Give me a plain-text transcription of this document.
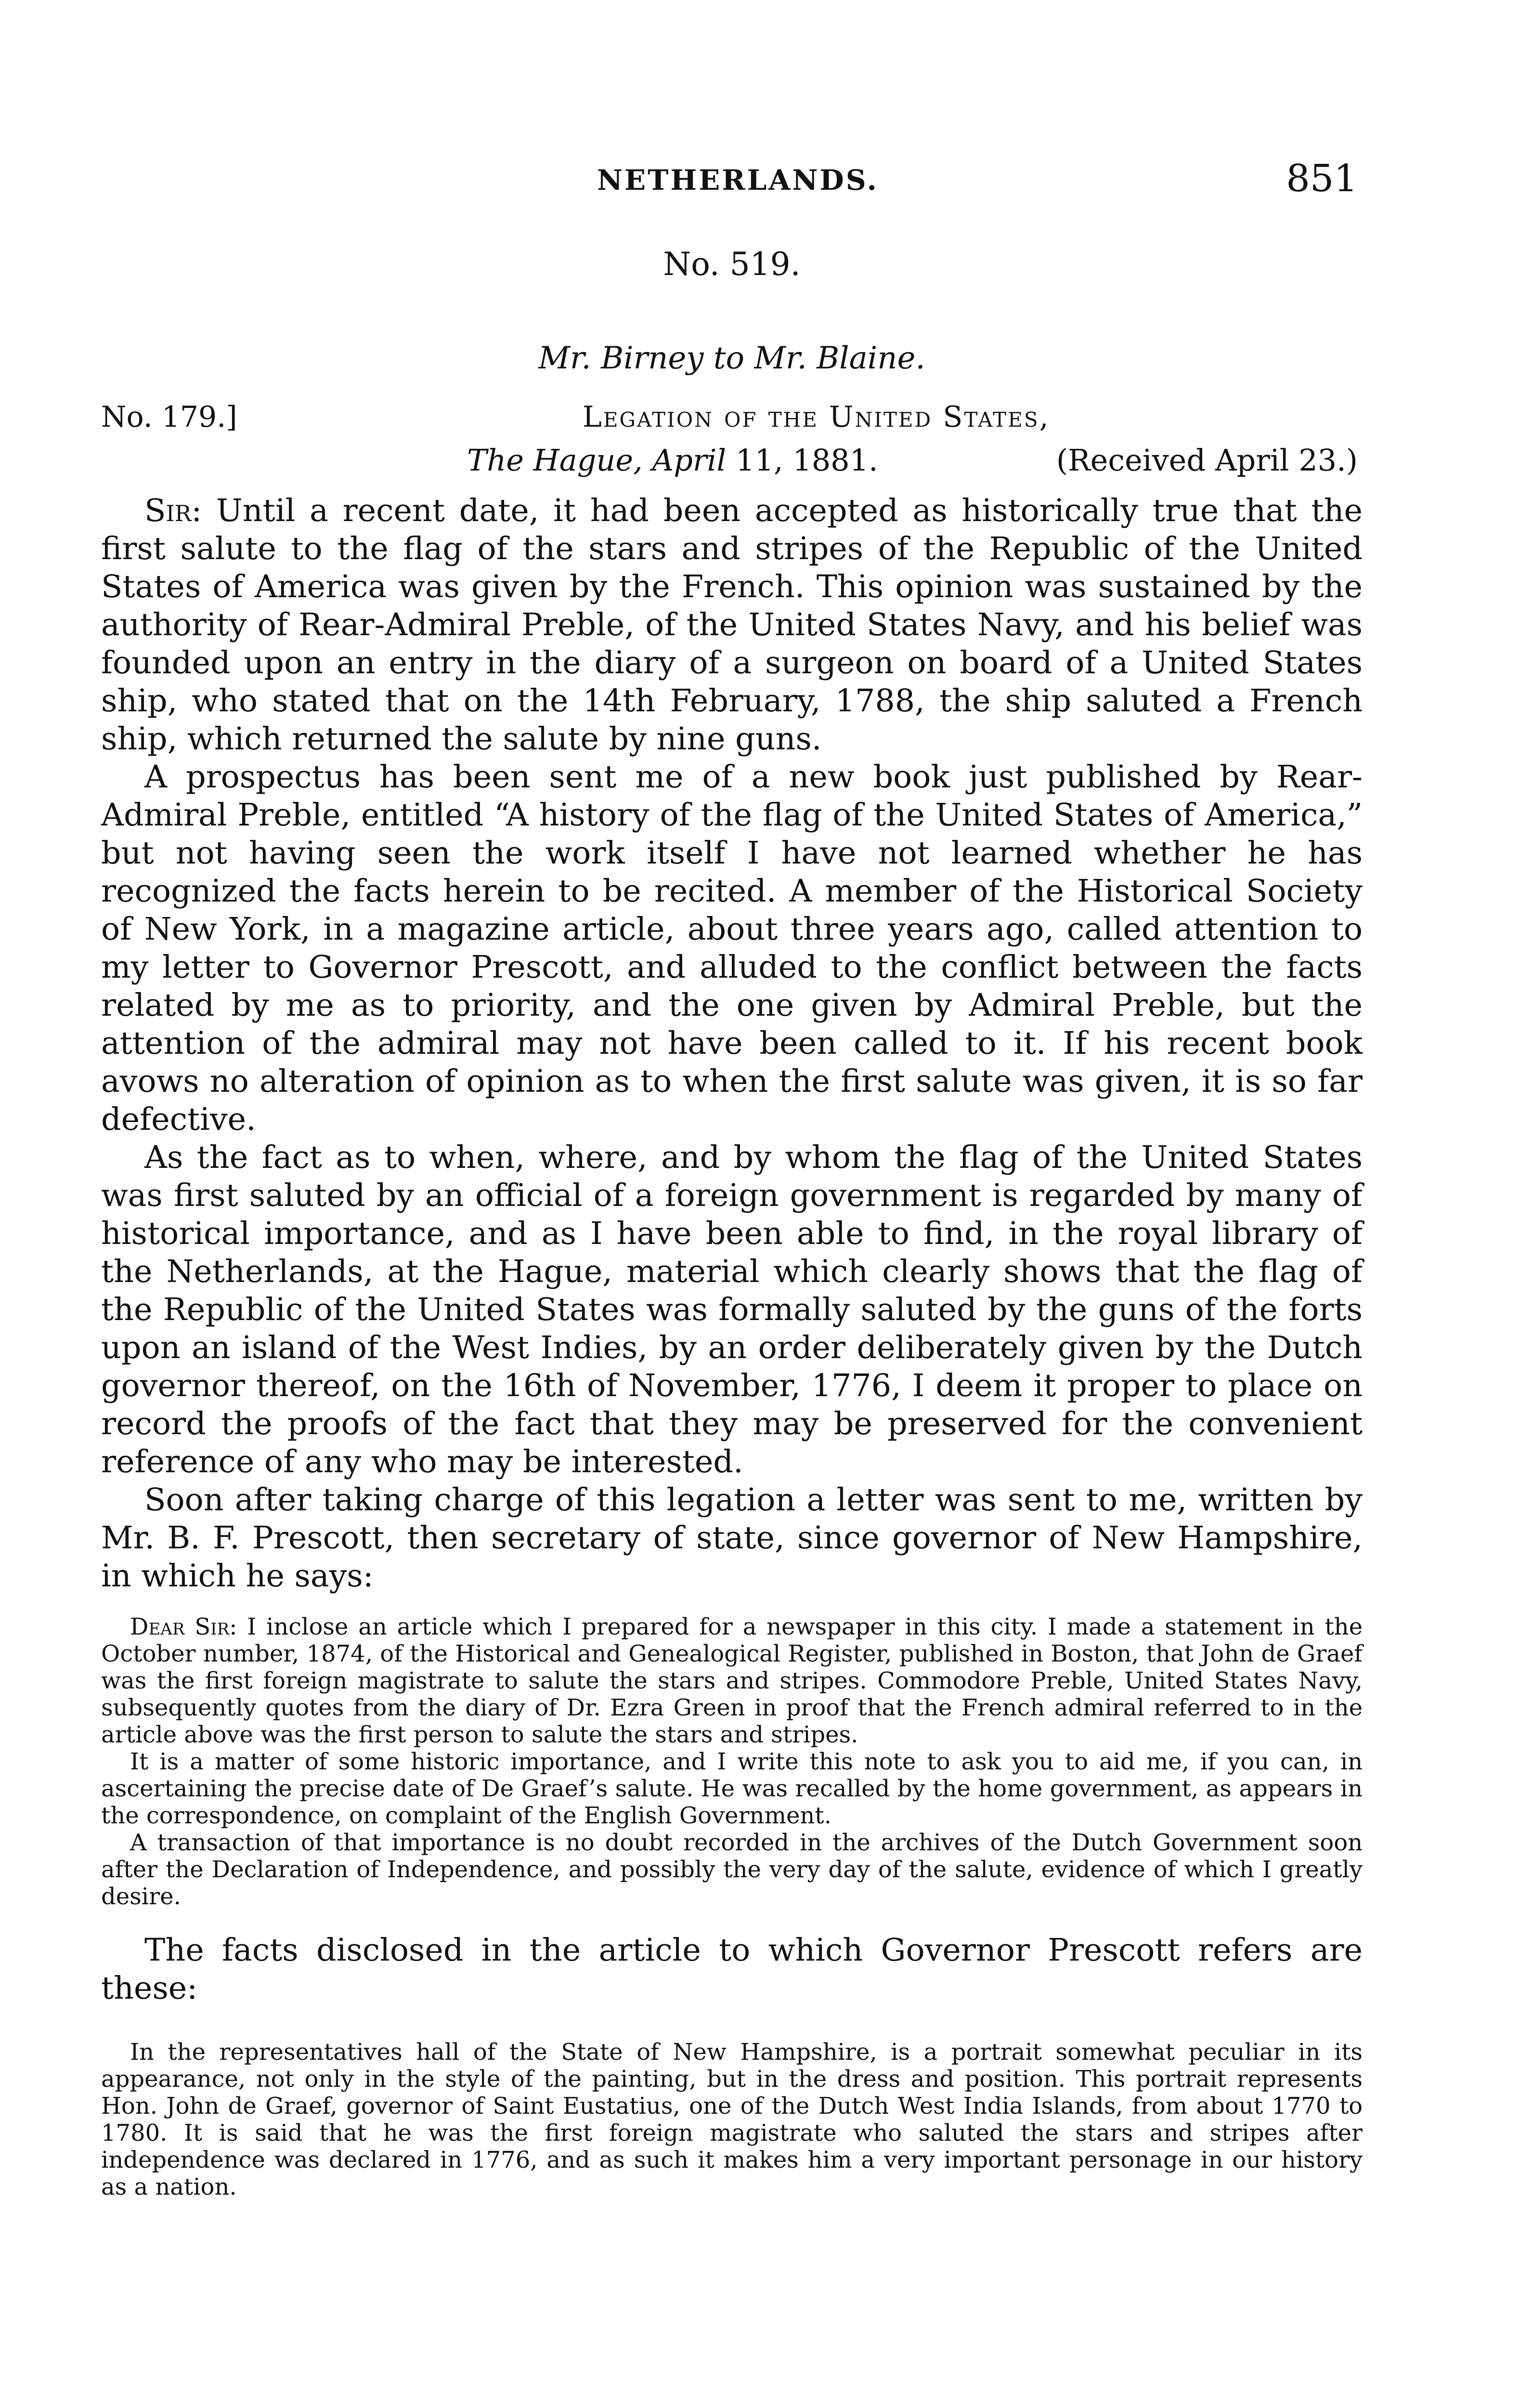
NETHERLANDS.	851
No. 519.
Mr. Birney to Mr. Blaine.
No. 179.]	Legation of the United States,
The Hague, April 11, 1881.	(Received April 23.)

Sir: Until a recent date, it had been accepted as historically true that the first salute to the flag of the stars and stripes of the Republic of the United States of America was given by the French. This opinion was sustained by the authority of Rear-Admiral Preble, of the United States Navy, and his belief was founded upon an entry in the diary of a surgeon on board of a United States ship, who stated that on the 14th February, 1788, the ship saluted a French ship, which returned the salute by nine guns.

A prospectus has been sent me of a new book just published by Rear-Admiral Preble, entitled “A history of the flag of the United States of America,” but not having seen the work itself I have not learned whether he has recognized the facts herein to be recited. A member of the Historical Society of New York, in a magazine article, about three years ago, called attention to my letter to Governor Prescott, and alluded to the conflict between the facts related by me as to priority, and the one given by Admiral Preble, but the attention of the admiral may not have been called to it. If his recent book avows no alteration of opinion as to when the first salute was given, it is so far defective.

As the fact as to when, where, and by whom the flag of the United States was first saluted by an official of a foreign government is regarded by many of historical importance, and as I have been able to find, in the royal library of the Netherlands, at the Hague, material which clearly shows that the flag of the Republic of the United States was formally saluted by the guns of the forts upon an island of the West Indies, by an order deliberately given by the Dutch governor thereof, on the 16th of November, 1776, I deem it proper to place on record the proofs of the fact that they may be preserved for the convenient reference of any who may be interested.

Soon after taking charge of this legation a letter was sent to me, written by Mr. B. F. Prescott, then secretary of state, since governor of New Hampshire, in which he says:

Dear Sir: I inclose an article which I prepared for a newspaper in this city. I made a statement in the October number, 1874, of the Historical and Genealogical Register, published in Boston, that John de Graef was the first foreign magistrate to salute the stars and stripes. Commodore Preble, United States Navy, subsequently quotes from the diary of Dr. Ezra Green in proof that the French admiral referred to in the article above was the first person to salute the stars and stripes.

It is a matter of some historic importance, and I write this note to ask you to aid me, if you can, in ascertaining the precise date of De Graef’s salute. He was recalled by the home government, as appears in the correspondence, on complaint of the English Government.

A transaction of that importance is no doubt recorded in the archives of the Dutch Government soon after the Declaration of Independence, and possibly the very day of the salute, evidence of which I greatly desire.

The facts disclosed in the article to which Governor Prescott refers are these:

In the representatives hall of the State of New Hampshire, is a portrait somewhat peculiar in its appearance, not only in the style of the painting, but in the dress and position. This portrait represents Hon. John de Graef, governor of Saint Eustatius, one of the Dutch West India Islands, from about 1770 to 1780. It is said that he was the first foreign magistrate who saluted the stars and stripes after independence was declared in 1776, and as such it makes him a very important personage in our history as a nation.
